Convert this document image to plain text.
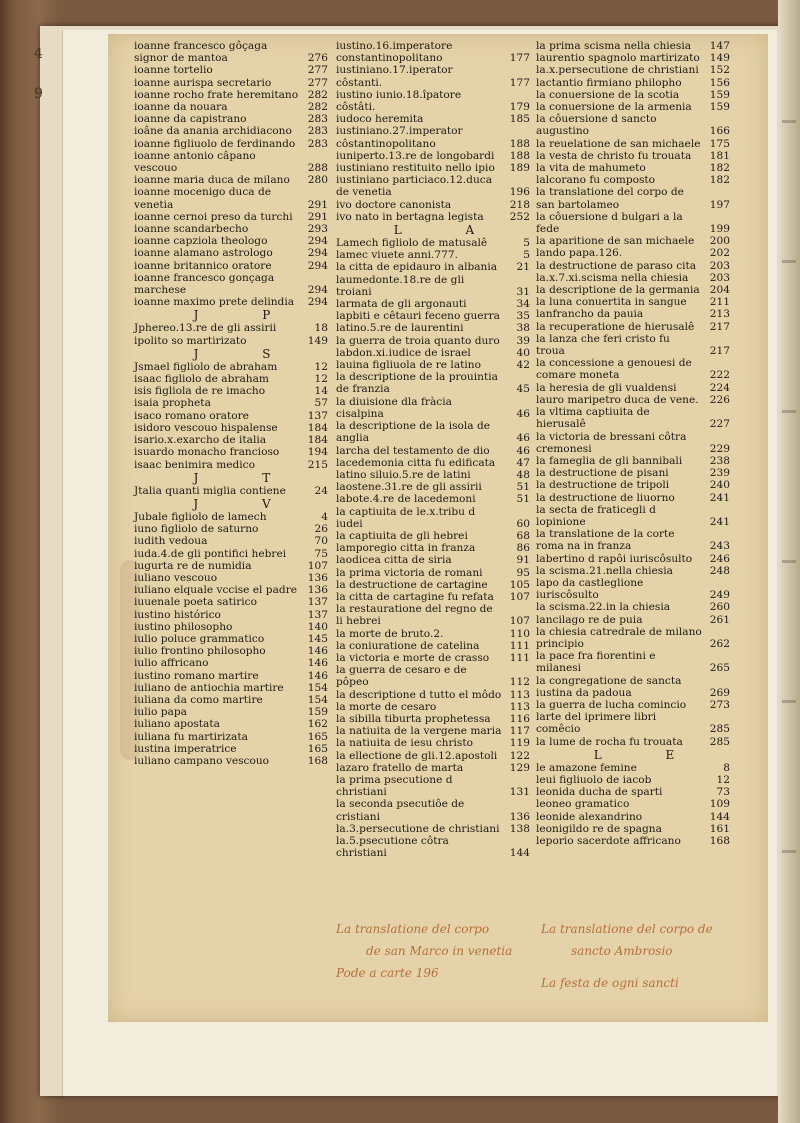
4
9
ioanne francesco gôçaga signor de mantoa	276
ioanne tortelio	277
ioanne aurispa secretario	277
ioanne rocho frate heremitano 282
ioanne da nouara	282
ioanne da capistrano	283
ioâne da anania archidiacono	283
ioanne figliuolo de ferdinando	283
ioanne antonio câpano vescouo	288
ioanne maria duca de milano	280
ioanne mocenigo duca de venetia	291
ioanne cernoi preso da turchi	291
ioanne scandarbecho	293
ioanne capziola theologo	294
ioanne alamano astrologo	294
ioanne britannico oratore	294
ioanne francesco gonçaga marchese	294
ioanne maximo prete delindia	294
J P
Jphereo.13.re de gli assirii	18
ipolito so martirizato	149
J S
Jsmael figliolo de abraham	12
isaac figliolo de abraham	12
isis figliola de re imacho	14
isaia propheta	57
isaco romano oratore	137
isidoro vescouo hispalense	184
isario.x.exarcho de italia	184
isuardo monacho francioso	194
isaac benimira medico	215
J T
Jtalia quanti miglia contiene	24
J V
Jubale figliolo de lamech	4
iuno figliolo de saturno	26
iudith vedoua	70
iuda.4.de gli pontifici hebrei	75
iugurta re de numidia	107
iuliano vescouo	136
iuliano elquale vccise el padre 136
iuuenale poeta satirico	137
iustino histórico	137
iustino philosopho	140
iulio poluce grammatico	145
iulio frontino philosopho	146
iulio affricano	146
iustino romano martire	146
iuliano de antiochia martire	154
iuliana da como martire	154
iulio papa	159
iuliano apostata	162
iuliana fu martirizata	165
iustina imperatrice	165
iuliano campano vescouo	168
iustino.16.imperatore constantinopolitano	177
iustiniano.17.iperator côstanti.	177
iustino iunio.18.îpatore côstâti.	179
iudoco heremita	185
iustiniano.27.imperator côstantinopolitano	188
iuniperto.13.re de longobardi	188
iustiniano restituito nello ipio	189
iustiniano particiaco.12.duca de venetia	196
ivo doctore canonista	218
ivo nato in bertagna legista	252
L A
Lamech figliolo de matusalê	5
lamec viuete anni.777.	5
la citta de epidauro in albania	21
laumedonte.18.re de gli troiani	31
larmata de gli argonauti	34
lapbiti e cêtauri feceno guerra 35
latino.5.re de laurentini	38
la guerra de troia quanto duro 39
labdon.xi.iudice de israel	40
lauina figliuola de re latino	42
la descriptione de la prouintia de franzia	45
la diuisione dla fràcia cisalpina	46
la descriptione de la isola de anglia	46
larcha del testamento de dio	46
lacedemonia citta fu edificata	47
latino siluio.5.re de latini	48
laostene.31.re de gli assirii	51
labote.4.re de lacedemoni	51
la captiuita de le.x.tribu d iudei	60
la captiuita de gli hebrei	68
lamporegio citta in franza	86
laodicea citta de siria	91
la prima victoria de romani	95
la destructione de cartagine	105
la citta de cartagine fu refata	107
la restauratione del regno de li hebrei	107
la morte de bruto.2.	110
la coniuratione de catelina	111
la victoria e morte de crasso	111
la guerra de cesaro e de pôpeo	112
la descriptione d tutto el môdo 113
la morte de cesaro	113
la sibilla tiburta prophetessa	116
la natiuita de la vergene maria 117
la natiuita de iesu christo	119
la ellectione de gli.12.apostoli	122
lazaro fratello de marta	129
la prima psecutione d christiani	131
la seconda psecutiôe de cristiani	136
la.3.persecutione de christiani 138
la.5.psecutione côtra christiani	144
la prima scisma nella chiesia	147
laurentio spagnolo martirizato 149
la.x.persecutione de christiani	152
lactantio firmiano philopho	156
la conuersione de la scotia	159
la conuersione de la armenia	159
la côuersione d sancto augustino	166
la reuelatione de san michaele 175
la vesta de christo fu trouata	181
la vita de mahumeto	182
lalcorano fu composto	182
la translatione del corpo de san bartolameo	197
la côuersione d bulgari a la fede	199
la aparitione de san michaele	200
lando papa.126.	202
la destructione de paraso cita	203
la.x.7.xi.scisma nella chiesia	203
la descriptione de la germania 204
la luna conuertita in sangue	211
lanfrancho da pauia	213
la recuperatione de hierusalê	217
la lanza che feri cristo fu troua	217
la concessione a genouesi de comare moneta	222
la heresia de gli vualdensi	224
lauro maripetro duca de vene.	226
la vltima captiuita de hierusalê	227
la victoria de bressani côtra cremonesi	229
la fameglia de gli bannibali	238
la destructione de pisani	239
la destructione de tripoli	240
la destructione de liuorno	241
la secta de fraticegli d lopinione	241
la translatione de la corte roma na in franza	243
labertino d rapôi iuriscôsulto	246
la scisma.21.nella chiesia	248
lapo da castleglione iuriscôsulto	249
la scisma.22.in la chiesia	260
lancilago re de puia	261
la chiesia catredrale de milano principio	262
la pace fra fiorentini e milanesi	265
la congregatione de sancta iustina da padoua	269
la guerra de lucha comincio	273
larte del iprimere libri comêcio	285
la lume de rocha fu trouata	285
L E
le amazone femine	8
leui figliuolo de iacob	12
leonida ducha de sparti	73
leoneo gramatico	109
leonide alexandrino	144
leonigildo re de spagna	161
leporio sacerdote affricano	168
La translatione del corpo
de san Marco in venetia
Pode a carte 196
La translatione del corpo de
sancto Ambrosio
La festa de ogni sancti
